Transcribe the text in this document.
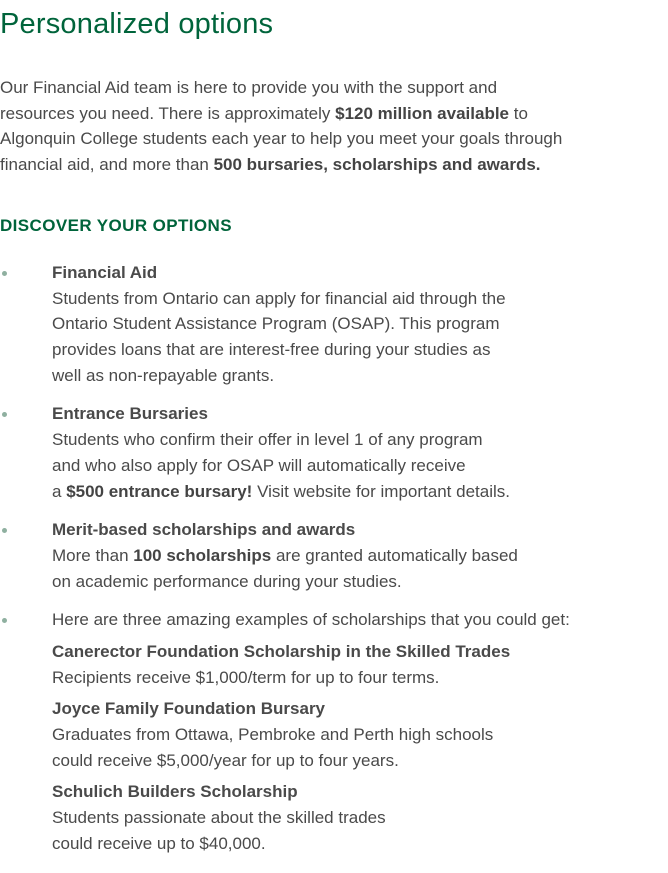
Personalized options
Our Financial Aid team is here to provide you with the support and
resources you need. There is approximately $120 million available to
Algonquin College students each year to help you meet your goals through
financial aid, and more than 500 bursaries, scholarships and awards.
DISCOVER YOUR OPTIONS
Financial Aid
Students from Ontario can apply for financial aid through the
Ontario Student Assistance Program (OSAP). This program
provides loans that are interest-free during your studies as
well as non-repayable grants.
Entrance Bursaries
Students who confirm their offer in level 1 of any program
and who also apply for OSAP will automatically receive
a $500 entrance bursary! Visit website for important details.
Merit-based scholarships and awards
More than 100 scholarships are granted automatically based
on academic performance during your studies.
Here are three amazing examples of scholarships that you could get:
Canerector Foundation Scholarship in the Skilled Trades
Recipients receive $1,000/term for up to four terms.
Joyce Family Foundation Bursary
Graduates from Ottawa, Pembroke and Perth high schools
could receive $5,000/year for up to four years.
Schulich Builders Scholarship
Students passionate about the skilled trades
could receive up to $40,000.
